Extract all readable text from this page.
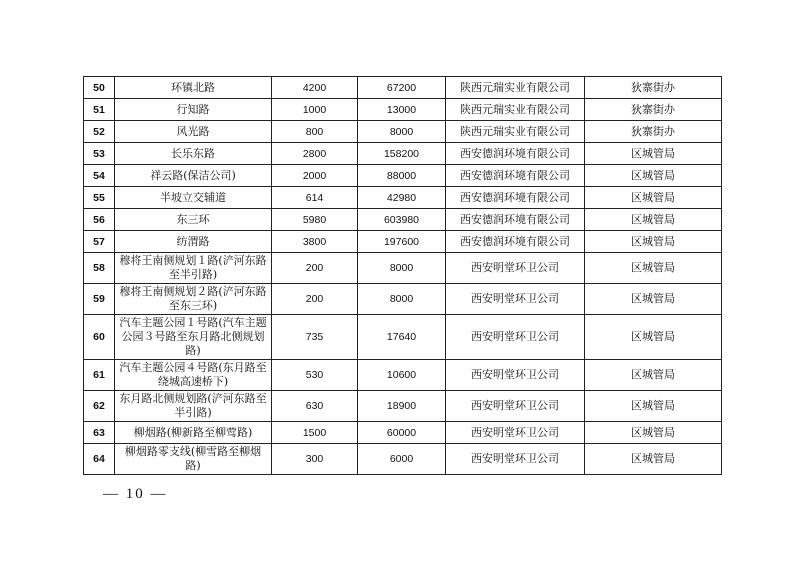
50	环镇北路	4200	67200	陕西元瑞实业有限公司	狄寨街办
51	行知路	1000	13000	陕西元瑞实业有限公司	狄寨街办
52	风光路	800	8000	陕西元瑞实业有限公司	狄寨街办
53	长乐东路	2800	158200	西安德润环境有限公司	区城管局
54	祥云路(保洁公司)	2000	88000	西安德润环境有限公司	区城管局
55	半坡立交辅道	614	42980	西安德润环境有限公司	区城管局
56	东三环	5980	603980	西安德润环境有限公司	区城管局
57	纺渭路	3800	197600	西安德润环境有限公司	区城管局
58	穆将王南侧规划１路(浐河东路至半引路)	200	8000	西安明堂环卫公司	区城管局
59	穆将王南侧规划２路(浐河东路至东三环)	200	8000	西安明堂环卫公司	区城管局
60	汽车主题公园１号路(汽车主题公园３号路至东月路北侧规划路)	735	17640	西安明堂环卫公司	区城管局
61	汽车主题公园４号路(东月路至绕城高速桥下)	530	10600	西安明堂环卫公司	区城管局
62	东月路北侧规划路(浐河东路至半引路)	630	18900	西安明堂环卫公司	区城管局
63	柳烟路(柳新路至柳莺路)	1500	60000	西安明堂环卫公司	区城管局
64	柳烟路零支线(柳雪路至柳烟路)	300	6000	西安明堂环卫公司	区城管局
— 10 —
